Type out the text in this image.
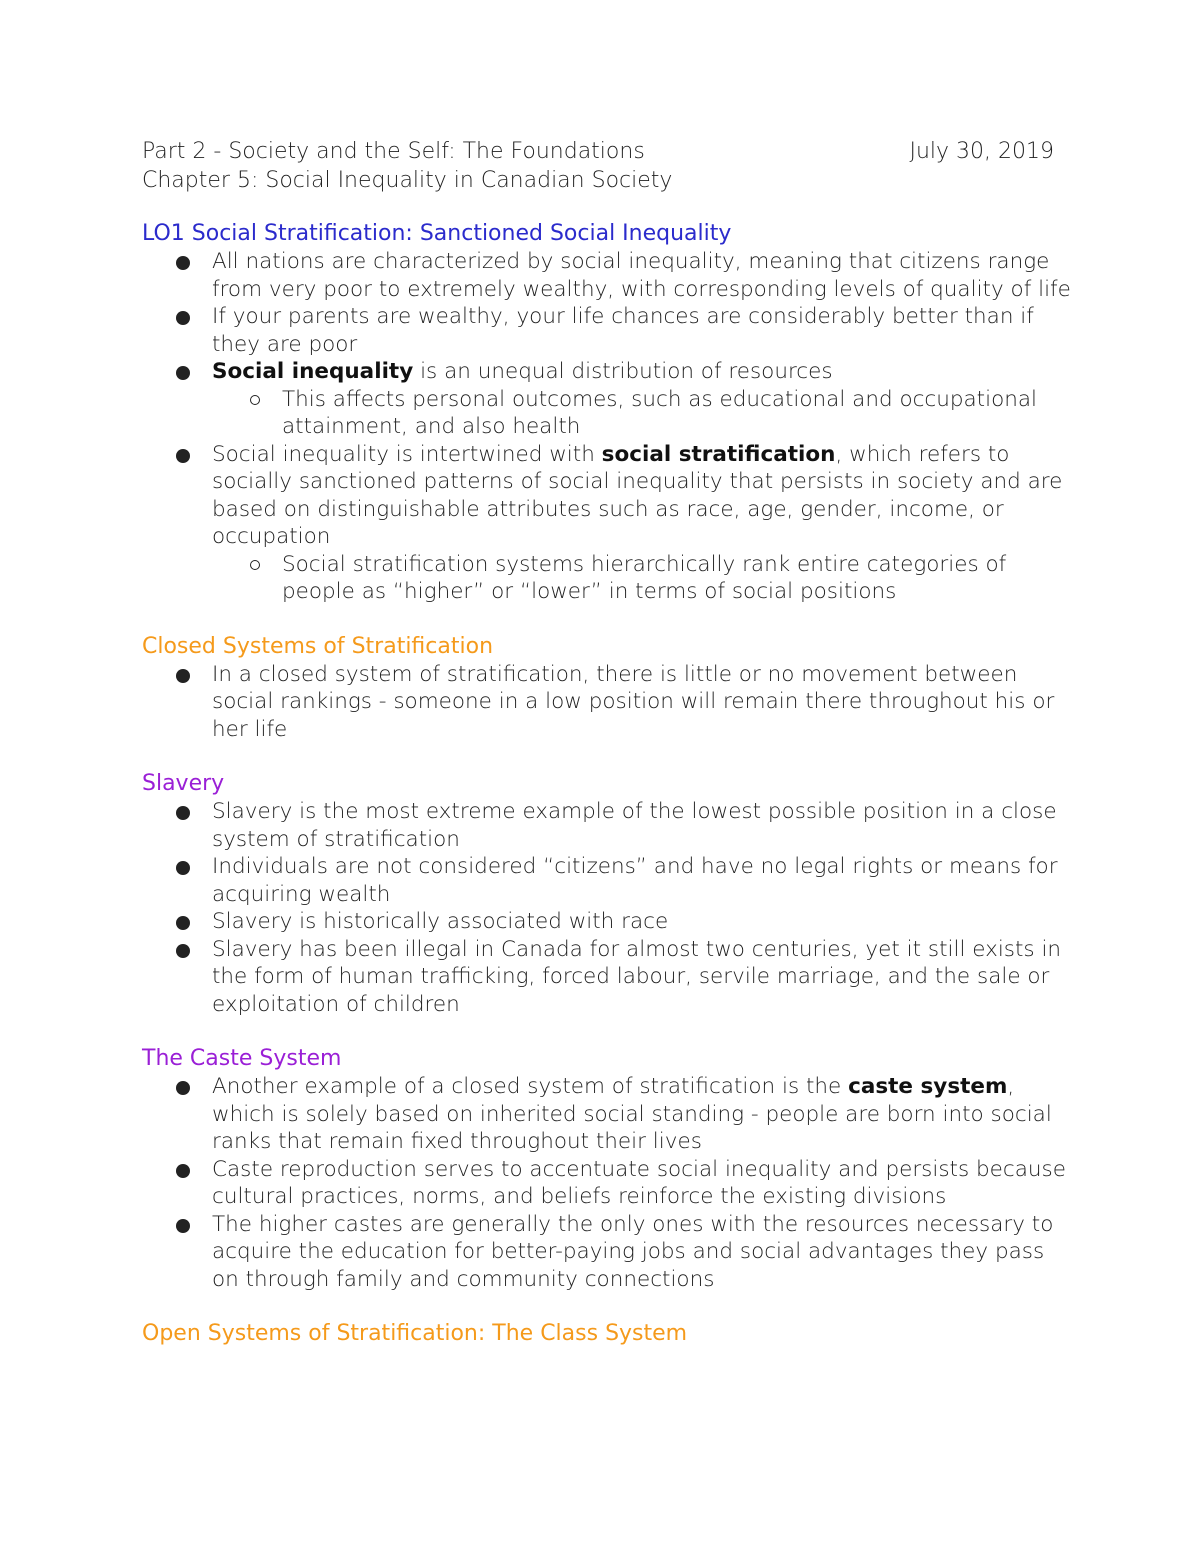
Part 2 - Society and the Self: The Foundations	July 30, 2019
Chapter 5: Social Inequality in Canadian Society
LO1 Social Stratification: Sanctioned Social Inequality
All nations are characterized by social inequality, meaning that citizens range from very poor to extremely wealthy, with corresponding levels of quality of life
If your parents are wealthy, your life chances are considerably better than if they are poor
Social inequality is an unequal distribution of resources
This affects personal outcomes, such as educational and occupational attainment, and also health
Social inequality is intertwined with social stratification, which refers to socially sanctioned patterns of social inequality that persists in society and are based on distinguishable attributes such as race, age, gender, income, or occupation
Social stratification systems hierarchically rank entire categories of people as “higher” or “lower” in terms of social positions
Closed Systems of Stratification
In a closed system of stratification, there is little or no movement between social rankings - someone in a low position will remain there throughout his or her life
Slavery
Slavery is the most extreme example of the lowest possible position in a close system of stratification
Individuals are not considered “citizens” and have no legal rights or means for acquiring wealth
Slavery is historically associated with race
Slavery has been illegal in Canada for almost two centuries, yet it still exists in the form of human trafficking, forced labour, servile marriage, and the sale or exploitation of children
The Caste System
Another example of a closed system of stratification is the caste system, which is solely based on inherited social standing - people are born into social ranks that remain fixed throughout their lives
Caste reproduction serves to accentuate social inequality and persists because cultural practices, norms, and beliefs reinforce the existing divisions
The higher castes are generally the only ones with the resources necessary to acquire the education for better-paying jobs and social advantages they pass on through family and community connections
Open Systems of Stratification: The Class System
